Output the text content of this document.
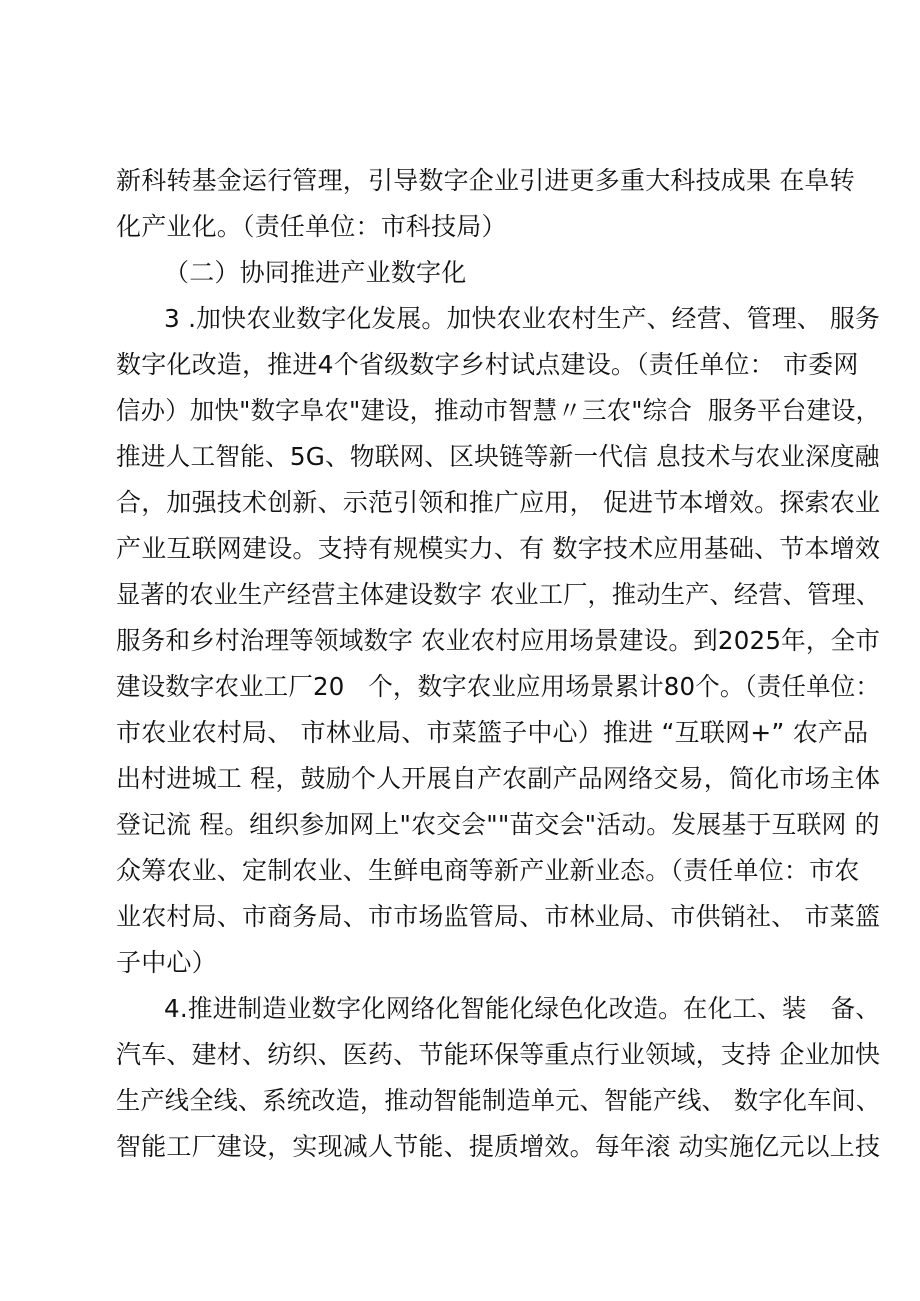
新科转基金运行管理，引导数字企业引进更多重大科技成果 在阜转
化产业化。（责任单位：市科技局）
（二）协同推进产业数字化
3 .加快农业数字化发展。加快农业农村生产、经营、管理、 服务
数字化改造，推进4个省级数字乡村试点建设。（责任单位： 市委网
信办）加快"数字阜农"建设，推动市智慧〃三农"综合  服务平台建设，
推进人工智能、5G、物联网、区块链等新一代信 息技术与农业深度融
合，加强技术创新、示范引领和推广应用， 促进节本增效。探索农业
产业互联网建设。支持有规模实力、有 数字技术应用基础、节本增效
显著的农业生产经营主体建设数字 农业工厂，推动生产、经营、管理、
服务和乡村治理等领域数字 农业农村应用场景建设。到2025年，全市
建设数字农业工厂20   个，数字农业应用场景累计80个。（责任单位：
市农业农村局、 市林业局、市菜篮子中心）推进 “互联网+” 农产品
出村进城工 程，鼓励个人开展自产农副产品网络交易，简化市场主体
登记流 程。组织参加网上"农交会""苗交会"活动。发展基于互联网 的
众筹农业、定制农业、生鲜电商等新产业新业态。（责任单位：市农
业农村局、市商务局、市市场监管局、市林业局、市供销社、 市菜篮
子中心）
4.推进制造业数字化网络化智能化绿色化改造。在化工、装   备、
汽车、建材、纺织、医药、节能环保等重点行业领域，支持 企业加快
生产线全线、系统改造，推动智能制造单元、智能产线、 数字化车间、
智能工厂建设，实现减人节能、提质增效。每年滚 动实施亿元以上技
